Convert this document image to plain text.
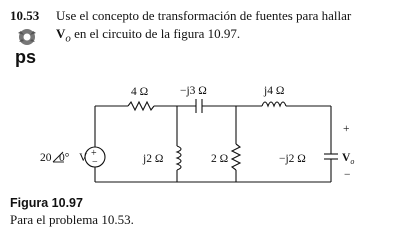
10.53 Use el concepto de transformación de fuentes para hallar
$V_o$ en el circuito de la figura 10.97.
ps
+
−
20 0° V
4 Ω	−j3 Ω	j4 Ω
j2 Ω	2 Ω	−j2 Ω
+
$V_o$
−
Figura 10.97
Para el problema 10.53.
